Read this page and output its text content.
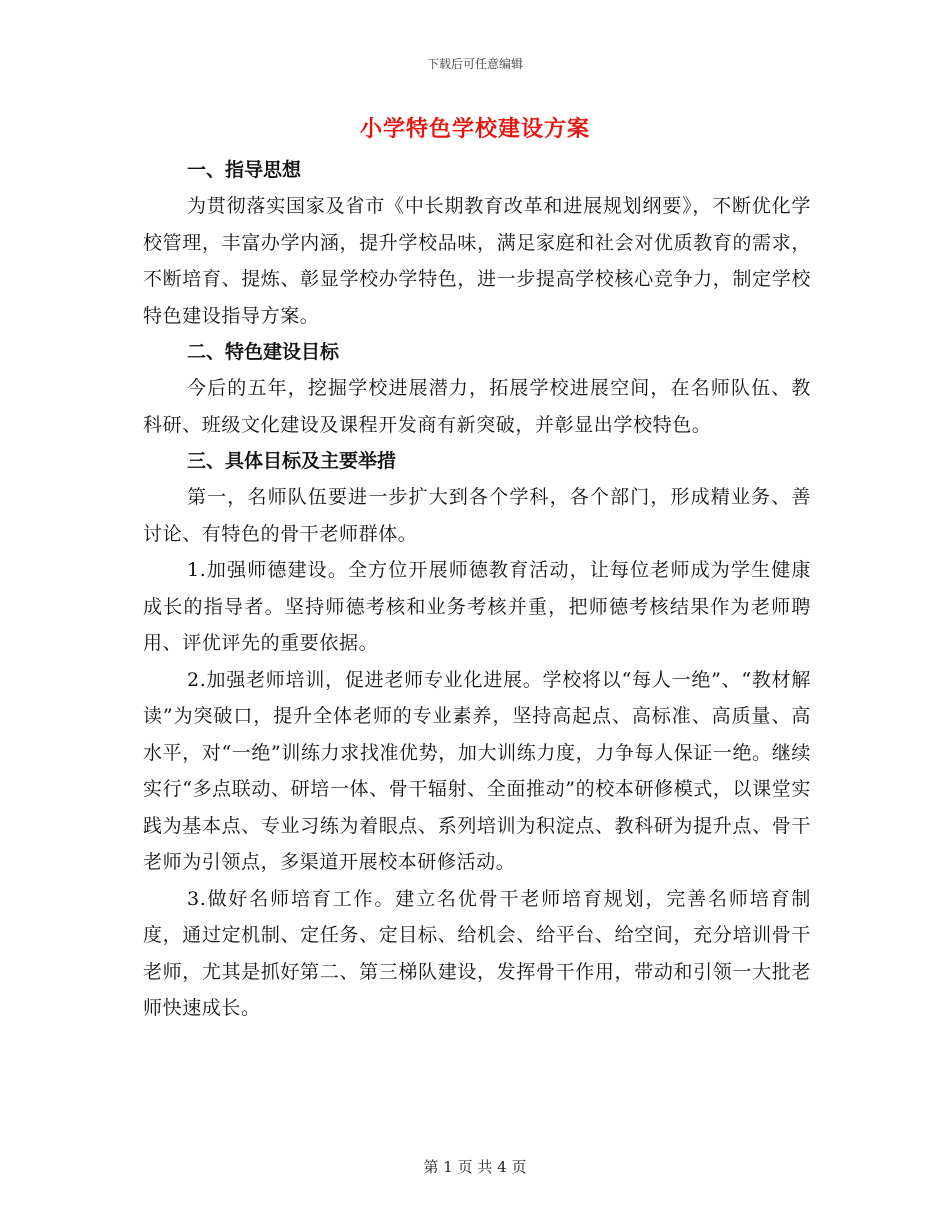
下载后可任意编辑
小学特色学校建设方案

一、指导思想

为贯彻落实国家及省市《中长期教育改革和进展规划纲要》，不断优化学校管理，丰富办学内涵，提升学校品味，满足家庭和社会对优质教育的需求，不断培育、提炼、彰显学校办学特色，进一步提高学校核心竞争力，制定学校特色建设指导方案。

二、特色建设目标

今后的五年，挖掘学校进展潜力，拓展学校进展空间，在名师队伍、教科研、班级文化建设及课程开发商有新突破，并彰显出学校特色。

三、具体目标及主要举措

第一，名师队伍要进一步扩大到各个学科，各个部门，形成精业务、善讨论、有特色的骨干老师群体。

1.加强师德建设。全方位开展师德教育活动，让每位老师成为学生健康成长的指导者。坚持师德考核和业务考核并重，把师德考核结果作为老师聘用、评优评先的重要依据。

2.加强老师培训，促进老师专业化进展。学校将以“每人一绝”、“教材解读”为突破口，提升全体老师的专业素养，坚持高起点、高标准、高质量、高水平，对“一绝”训练力求找准优势，加大训练力度，力争每人保证一绝。继续实行“多点联动、研培一体、骨干辐射、全面推动”的校本研修模式，以课堂实践为基本点、专业习练为着眼点、系列培训为积淀点、教科研为提升点、骨干老师为引领点，多渠道开展校本研修活动。

3.做好名师培育工作。建立名优骨干老师培育规划，完善名师培育制度，通过定机制、定任务、定目标、给机会、给平台、给空间，充分培训骨干老师，尤其是抓好第二、第三梯队建设，发挥骨干作用，带动和引领一大批老师快速成长。

第 1 页 共 4 页
